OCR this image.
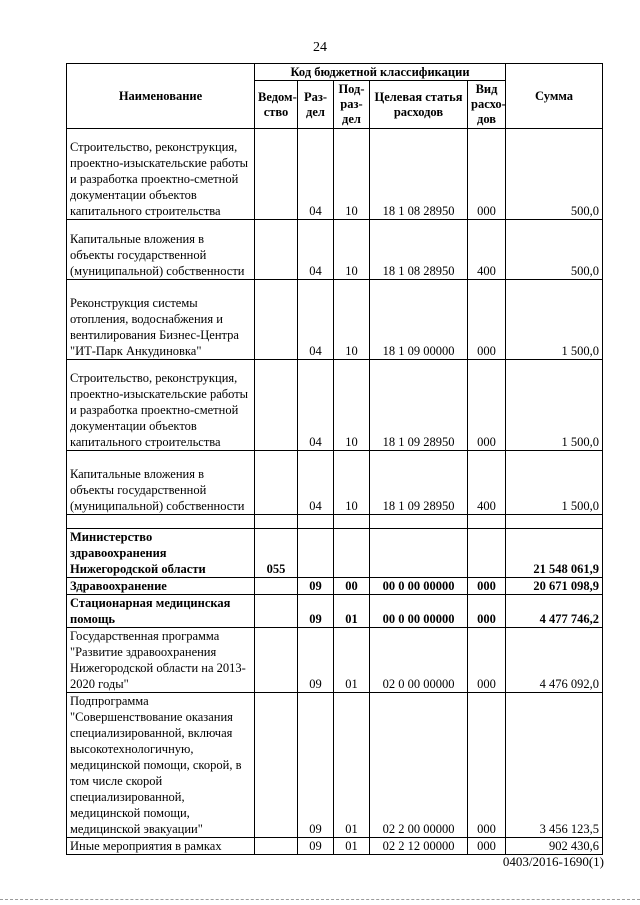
24
Наименование	Код бюджетной классификации					Сумма
	Ведом-ство	Раз-дел	Под-раз-дел	Целевая статья расходов	Вид расхо-дов	
Строительство, реконструкция, проектно-изыскательские работы и разработка проектно-сметной документации объектов капитального строительства		04	10	18 1 08 28950	000	500,0
Капитальные вложения в объекты государственной (муниципальной) собственности		04	10	18 1 08 28950	400	500,0
Реконструкция системы отопления, водоснабжения и вентилирования Бизнес-Центра "ИТ-Парк Анкудиновка"		04	10	18 1 09 00000	000	1 500,0
Строительство, реконструкция, проектно-изыскательские работы и разработка проектно-сметной документации объектов капитального строительства		04	10	18 1 09 28950	000	1 500,0
Капитальные вложения в объекты государственной (муниципальной) собственности		04	10	18 1 09 28950	400	1 500,0

Министерство здравоохранения Нижегородской области	055					21 548 061,9
Здравоохранение		09	00	00 0 00 00000	000	20 671 098,9
Стационарная медицинская помощь		09	01	00 0 00 00000	000	4 477 746,2
Государственная программа "Развитие здравоохранения Нижегородской области на 2013-2020 годы"		09	01	02 0 00 00000	000	4 476 092,0
Подпрограмма "Совершенствование оказания специализированной, включая высокотехнологичную, медицинской помощи, скорой, в том числе скорой специализированной, медицинской помощи, медицинской эвакуации"		09	01	02 2 00 00000	000	3 456 123,5
Иные мероприятия в рамках		09	01	02 2 12 00000	000	902 430,6
0403/2016-1690(1)
